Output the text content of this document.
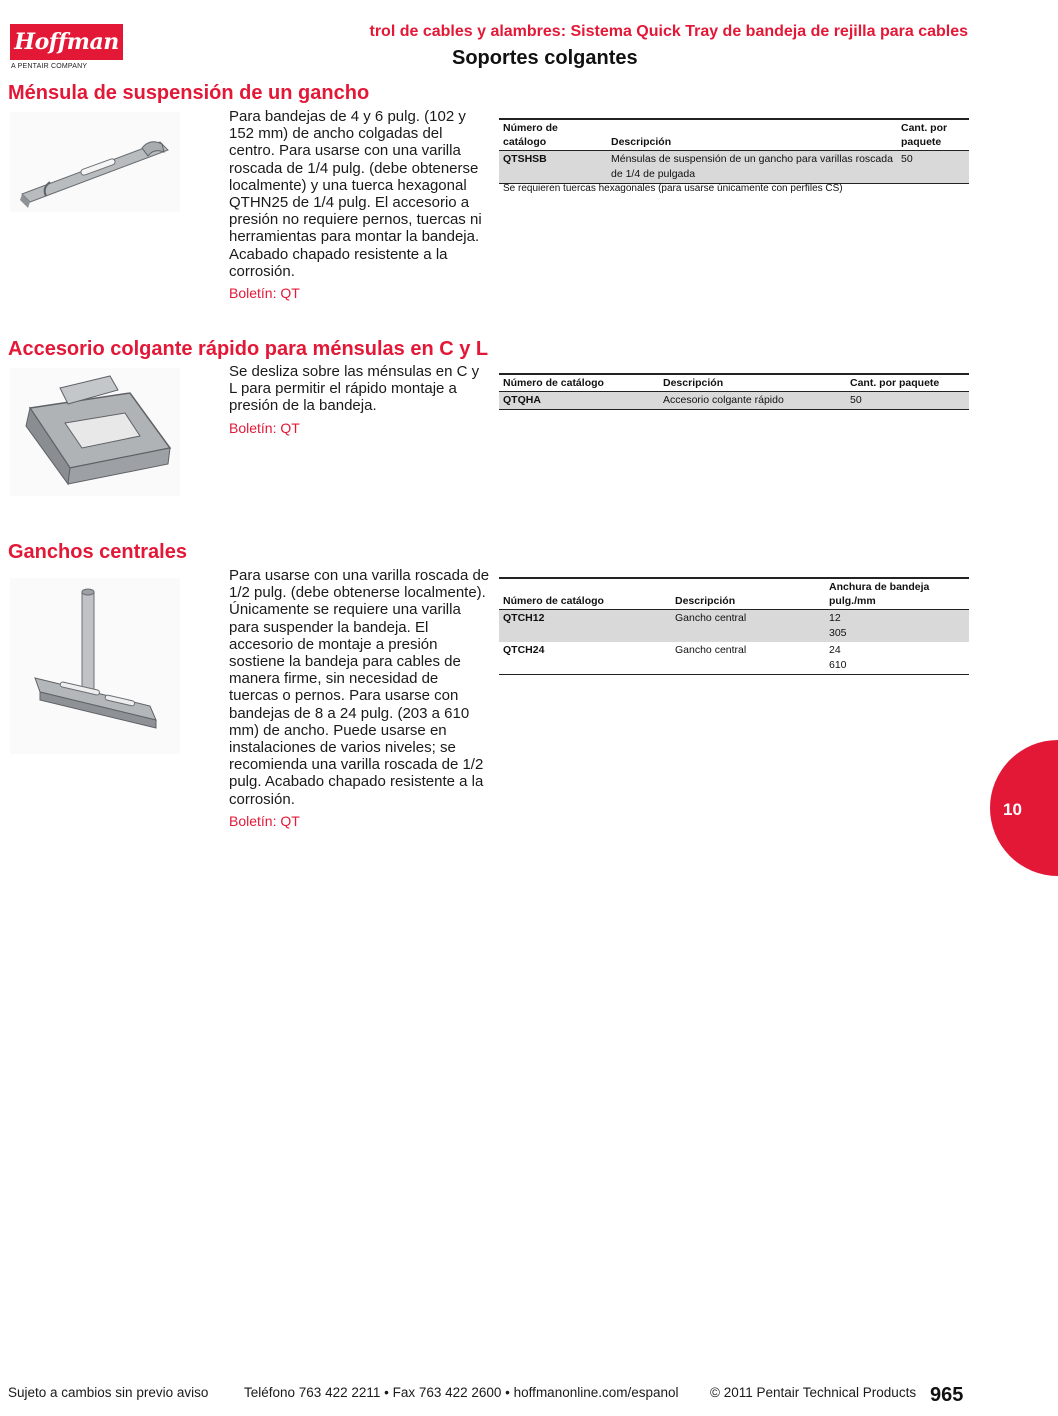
Hoffman
A PENTAIR COMPANY
trol de cables y alambres: Sistema Quick Tray de bandeja de rejilla para cables
Soportes colgantes
Ménsula de suspensión de un gancho
Para bandejas de 4 y 6 pulg. (102 y 152 mm) de ancho colgadas del centro. Para usarse con una varilla roscada de 1/4 pulg. (debe obtenerse localmente) y una tuerca hexagonal QTHN25 de 1/4 pulg. El accesorio a presión no requiere pernos, tuercas ni herramientas para montar la bandeja. Acabado chapado resistente a la corrosión.
Boletín: QT
Número de catálogo	Descripción	Cant. por paquete
QTSHSB	Ménsulas de suspensión de un gancho para varillas roscada de 1/4 de pulgada	50
Se requieren tuercas hexagonales (para usarse únicamente con perfiles CS)
Accesorio colgante rápido para ménsulas en C y L
Se desliza sobre las ménsulas en C y L para permitir el rápido montaje a presión de la bandeja.
Boletín: QT
Número de catálogo	Descripción	Cant. por paquete
QTQHA	Accesorio colgante rápido	50
Ganchos centrales
Para usarse con una varilla roscada de 1/2 pulg. (debe obtenerse localmente). Únicamente se requiere una varilla para suspender la bandeja. El accesorio de montaje a presión sostiene la bandeja para cables de manera firme, sin necesidad de tuercas o pernos. Para usarse con bandejas de 8 a 24 pulg. (203 a 610 mm) de ancho. Puede usarse en instalaciones de varios niveles; se recomienda una varilla roscada de 1/2 pulg. Acabado chapado resistente a la corrosión.
Boletín: QT
Número de catálogo	Descripción	Anchura de bandeja
pulg./mm

QTCH12	Gancho central	12
305

QTCH24	Gancho central	24
610
10
Sujeto a cambios sin previo aviso	Teléfono 763 422 2211 • Fax 763 422 2600 • hoffmanonline.com/espanol © 2011 Pentair Technical Products 965
